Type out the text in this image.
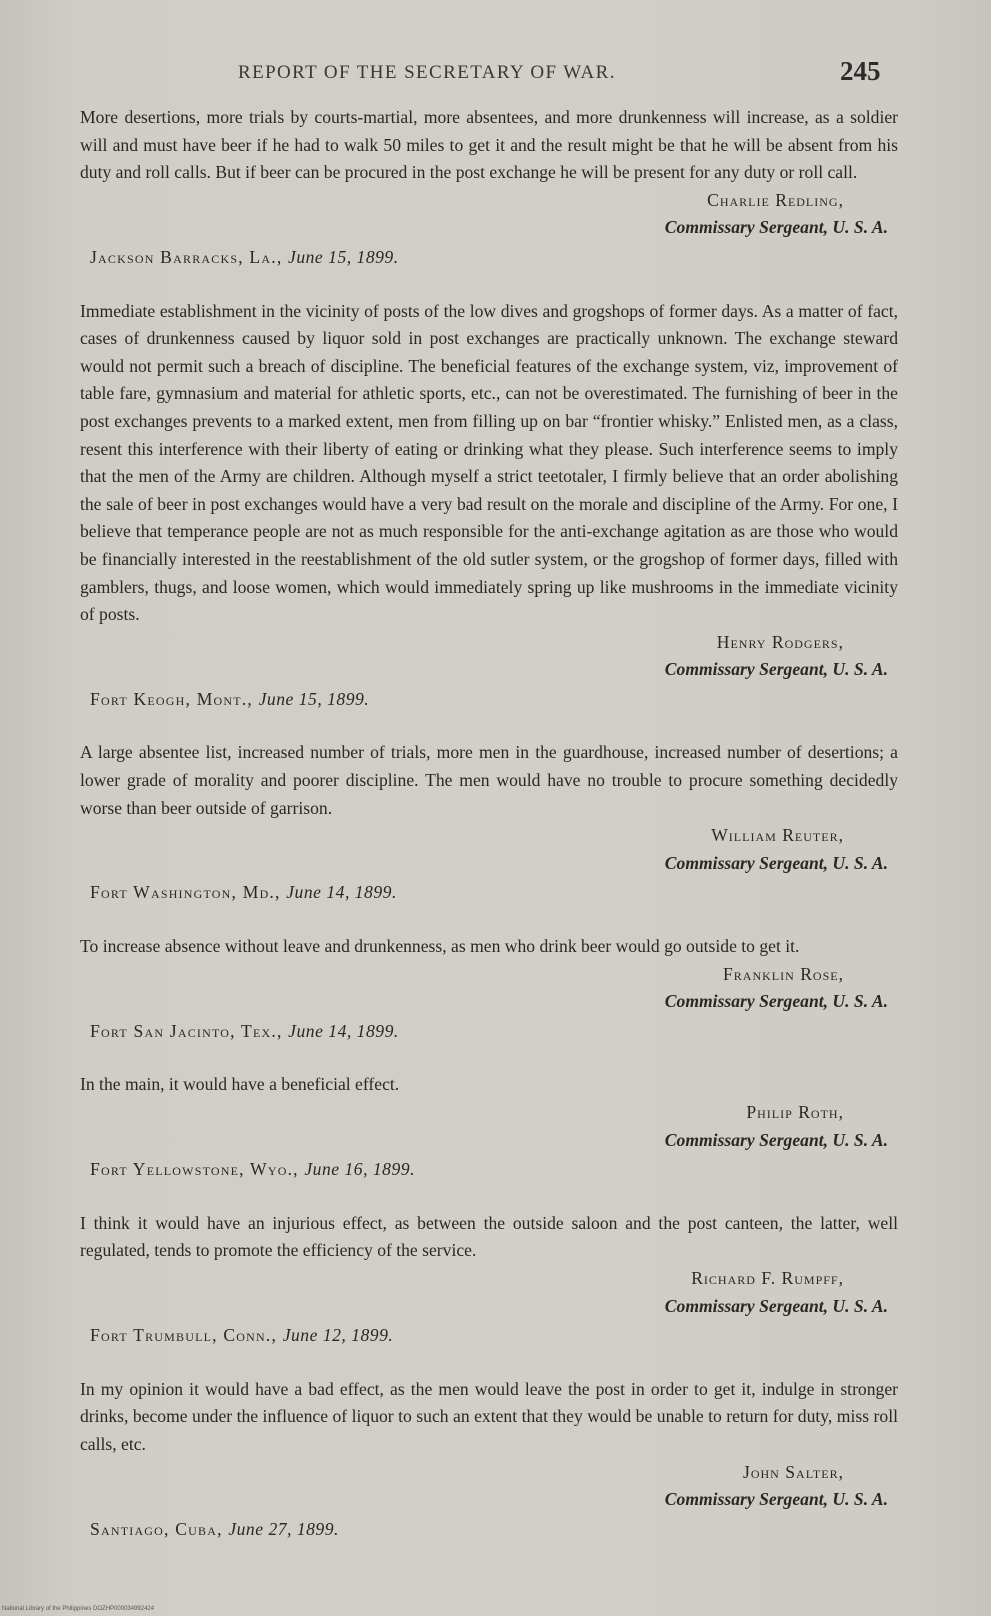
REPORT OF THE SECRETARY OF WAR.	245

More desertions, more trials by courts-martial, more absentees, and more drunkenness will increase, as a soldier will and must have beer if he had to walk 50 miles to get it and the result might be that he will be absent from his duty and roll calls. But if beer can be procured in the post exchange he will be present for any duty or roll call.

Charlie Redling,
Commissary Sergeant, U. S. A.
Jackson Barracks, La., June 15, 1899.

Immediate establishment in the vicinity of posts of the low dives and grogshops of former days. As a matter of fact, cases of drunkenness caused by liquor sold in post exchanges are practically unknown. The exchange steward would not permit such a breach of discipline. The beneficial features of the exchange system, viz, improvement of table fare, gymnasium and material for athletic sports, etc., can not be overestimated. The furnishing of beer in the post exchanges prevents to a marked extent, men from filling up on bar “frontier whisky.” Enlisted men, as a class, resent this interference with their liberty of eating or drinking what they please. Such interference seems to imply that the men of the Army are children. Although myself a strict teetotaler, I firmly believe that an order abolishing the sale of beer in post exchanges would have a very bad result on the morale and discipline of the Army. For one, I believe that temperance people are not as much responsible for the anti-exchange agitation as are those who would be financially interested in the reestablishment of the old sutler system, or the grogshop of former days, filled with gamblers, thugs, and loose women, which would immediately spring up like mushrooms in the immediate vicinity of posts.

Henry Rodgers,
Commissary Sergeant, U. S. A.
Fort Keogh, Mont., June 15, 1899.

A large absentee list, increased number of trials, more men in the guardhouse, increased number of desertions; a lower grade of morality and poorer discipline. The men would have no trouble to procure something decidedly worse than beer outside of garrison.

William Reuter,
Commissary Sergeant, U. S. A.
Fort Washington, Md., June 14, 1899.

To increase absence without leave and drunkenness, as men who drink beer would go outside to get it.

Franklin Rose,
Commissary Sergeant, U. S. A.
Fort San Jacinto, Tex., June 14, 1899.

In the main, it would have a beneficial effect.

Philip Roth,
Commissary Sergeant, U. S. A.
Fort Yellowstone, Wyo., June 16, 1899.

I think it would have an injurious effect, as between the outside saloon and the post canteen, the latter, well regulated, tends to promote the efficiency of the service.

Richard F. Rumpff,
Commissary Sergeant, U. S. A.
Fort Trumbull, Conn., June 12, 1899.

In my opinion it would have a bad effect, as the men would leave the post in order to get it, indulge in stronger drinks, become under the influence of liquor to such an extent that they would be unable to return for duty, miss roll calls, etc.

John Salter,
Commissary Sergeant, U. S. A.
Santiago, Cuba, June 27, 1899.
National Library of the Philippines DOZHP000034992424
